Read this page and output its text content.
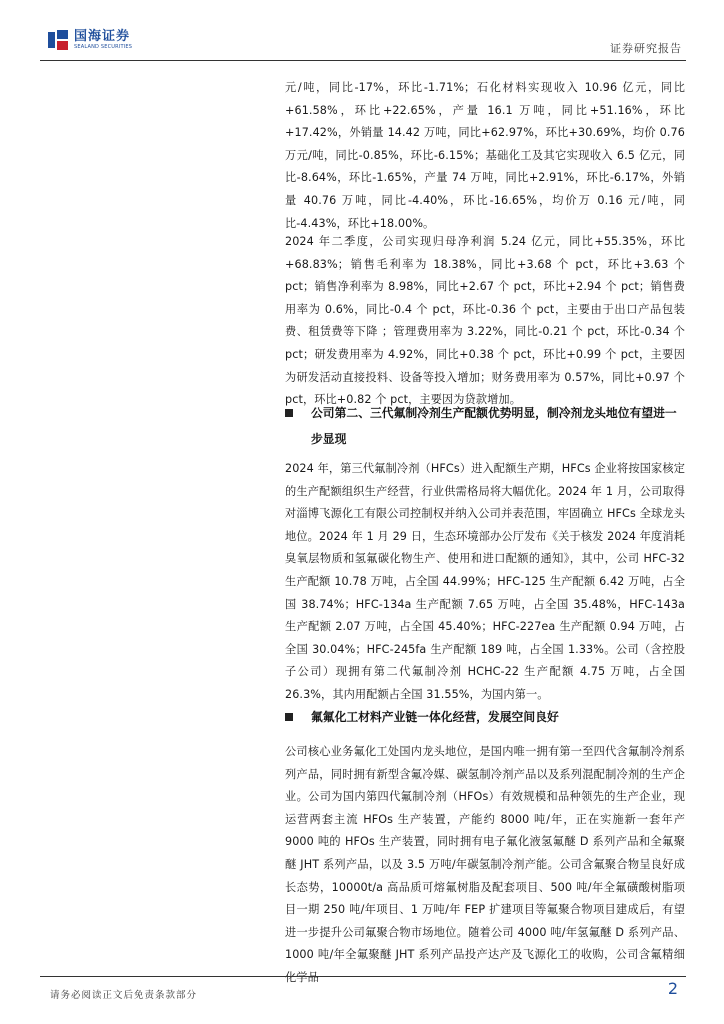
国海证券
SEALAND SECURITIES	证券研究报告

元/吨，同比-17%，环比-1.71%；石化材料实现收入 10.96 亿元，同比+61.58%，环比+22.65%，产量 16.1 万吨，同比+51.16%，环比+17.42%，外销量 14.42 万吨，同比+62.97%，环比+30.69%，均价 0.76 万元/吨，同比-0.85%，环比-6.15%；基础化工及其它实现收入 6.5 亿元，同比-8.64%，环比-1.65%，产量 74 万吨，同比+2.91%，环比-6.17%，外销量 40.76 万吨，同比-4.40%，环比-16.65%，均价万 0.16 元/吨，同比-4.43%，环比+18.00%。

2024 年二季度，公司实现归母净利润 5.24 亿元，同比+55.35%，环比+68.83%；销售毛利率为 18.38%，同比+3.68 个 pct，环比+3.63 个 pct；销售净利率为 8.98%，同比+2.67 个 pct，环比+2.94 个 pct；销售费用率为 0.6%，同比-0.4 个 pct，环比-0.36 个 pct，主要由于出口产品包装费、租赁费等下降 ；管理费用率为 3.22%，同比-0.21 个 pct，环比-0.34 个 pct；研发费用率为 4.92%，同比+0.38 个 pct，环比+0.99 个 pct，主要因为研发活动直接投料、设备等投入增加；财务费用率为 0.57%，同比+0.97 个 pct，环比+0.82 个 pct，主要因为贷款增加。

公司第二、三代氟制冷剂生产配额优势明显，制冷剂龙头地位有望进一步显现

2024 年，第三代氟制冷剂（HFCs）进入配额生产期，HFCs 企业将按国家核定的生产配额组织生产经营，行业供需格局将大幅优化。2024 年 1 月，公司取得对淄博飞源化工有限公司控制权并纳入公司并表范围，牢固确立 HFCs 全球龙头地位。2024 年 1 月 29 日，生态环境部办公厅发布《关于核发 2024 年度消耗臭氧层物质和氢氟碳化物生产、使用和进口配额的通知》，其中，公司 HFC-32 生产配额 10.78 万吨，占全国 44.99%；HFC-125 生产配额 6.42 万吨，占全国 38.74%；HFC-134a 生产配额 7.65 万吨，占全国 35.48%，HFC-143a 生产配额 2.07 万吨，占全国 45.40%；HFC-227ea 生产配额 0.94 万吨，占全国 30.04%；HFC-245fa 生产配额 189 吨，占全国 1.33%。公司（含控股子公司）现拥有第二代氟制冷剂 HCHC-22 生产配额 4.75 万吨，占全国 26.3%，其内用配额占全国 31.55%，为国内第一。

氟氟化工材料产业链一体化经营，发展空间良好

公司核心业务氟化工处国内龙头地位，是国内唯一拥有第一至四代含氟制冷剂系列产品，同时拥有新型含氟冷媒、碳氢制冷剂产品以及系列混配制冷剂的生产企业。公司为国内第四代氟制冷剂（HFOs）有效规模和品种领先的生产企业，现运营两套主流 HFOs 生产装置，产能约 8000 吨/年，正在实施新一套年产 9000 吨的 HFOs 生产装置，同时拥有电子氟化液氢氟醚 D 系列产品和全氟聚醚 JHT 系列产品，以及 3.5 万吨/年碳氢制冷剂产能。公司含氟聚合物呈良好成长态势，10000t/a 高品质可熔氟树脂及配套项目、500 吨/年全氟磺酸树脂项目一期 250 吨/年项目、1 万吨/年 FEP 扩建项目等氟聚合物项目建成后，有望进一步提升公司氟聚合物市场地位。随着公司 4000 吨/年氢氟醚 D 系列产品、1000 吨/年全氟聚醚 JHT 系列产品投产达产及飞源化工的收购，公司含氟精细化学品

请务必阅读正文后免责条款部分	2
